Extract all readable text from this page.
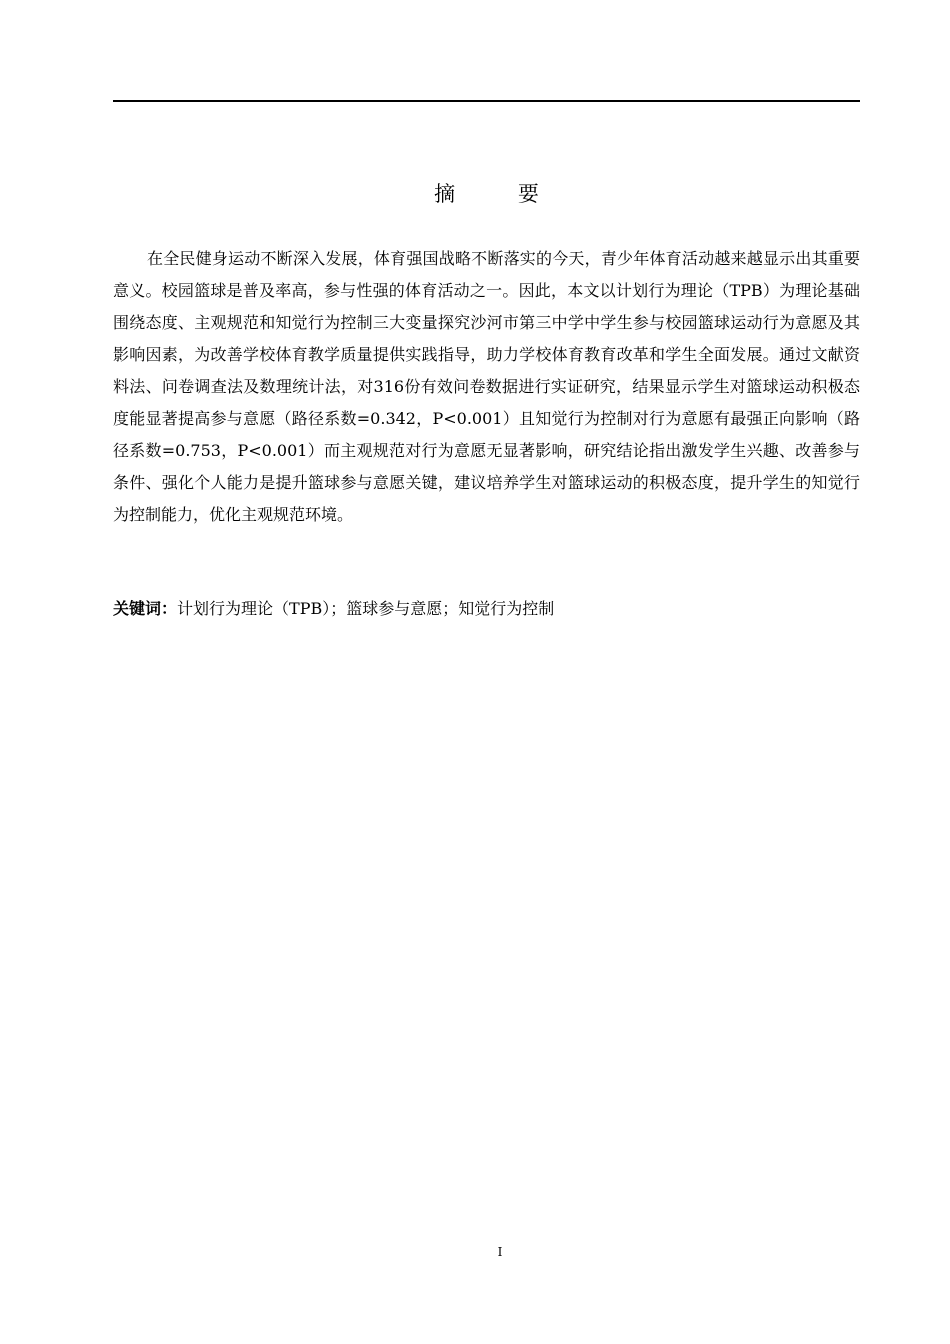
摘 要

在全民健身运动不断深入发展，体育强国战略不断落实的今天，青少年体育活动越来越显示出其重要意义。校园篮球是普及率高，参与性强的体育活动之一。因此，本文以计划行为理论（TPB）为理论基础围绕态度、主观规范和知觉行为控制三大变量探究沙河市第三中学中学生参与校园篮球运动行为意愿及其影响因素，为改善学校体育教学质量提供实践指导，助力学校体育教育改革和学生全面发展。通过文献资料法、问卷调查法及数理统计法，对316份有效问卷数据进行实证研究，结果显示学生对篮球运动积极态度能显著提高参与意愿（路径系数=0.342，P<0.001）且知觉行为控制对行为意愿有最强正向影响（路径系数=0.753，P<0.001）而主观规范对行为意愿无显著影响，研究结论指出激发学生兴趣、改善参与条件、强化个人能力是提升篮球参与意愿关键，建议培养学生对篮球运动的积极态度，提升学生的知觉行为控制能力，优化主观规范环境。

关键词：计划行为理论（TPB）；篮球参与意愿；知觉行为控制
I
